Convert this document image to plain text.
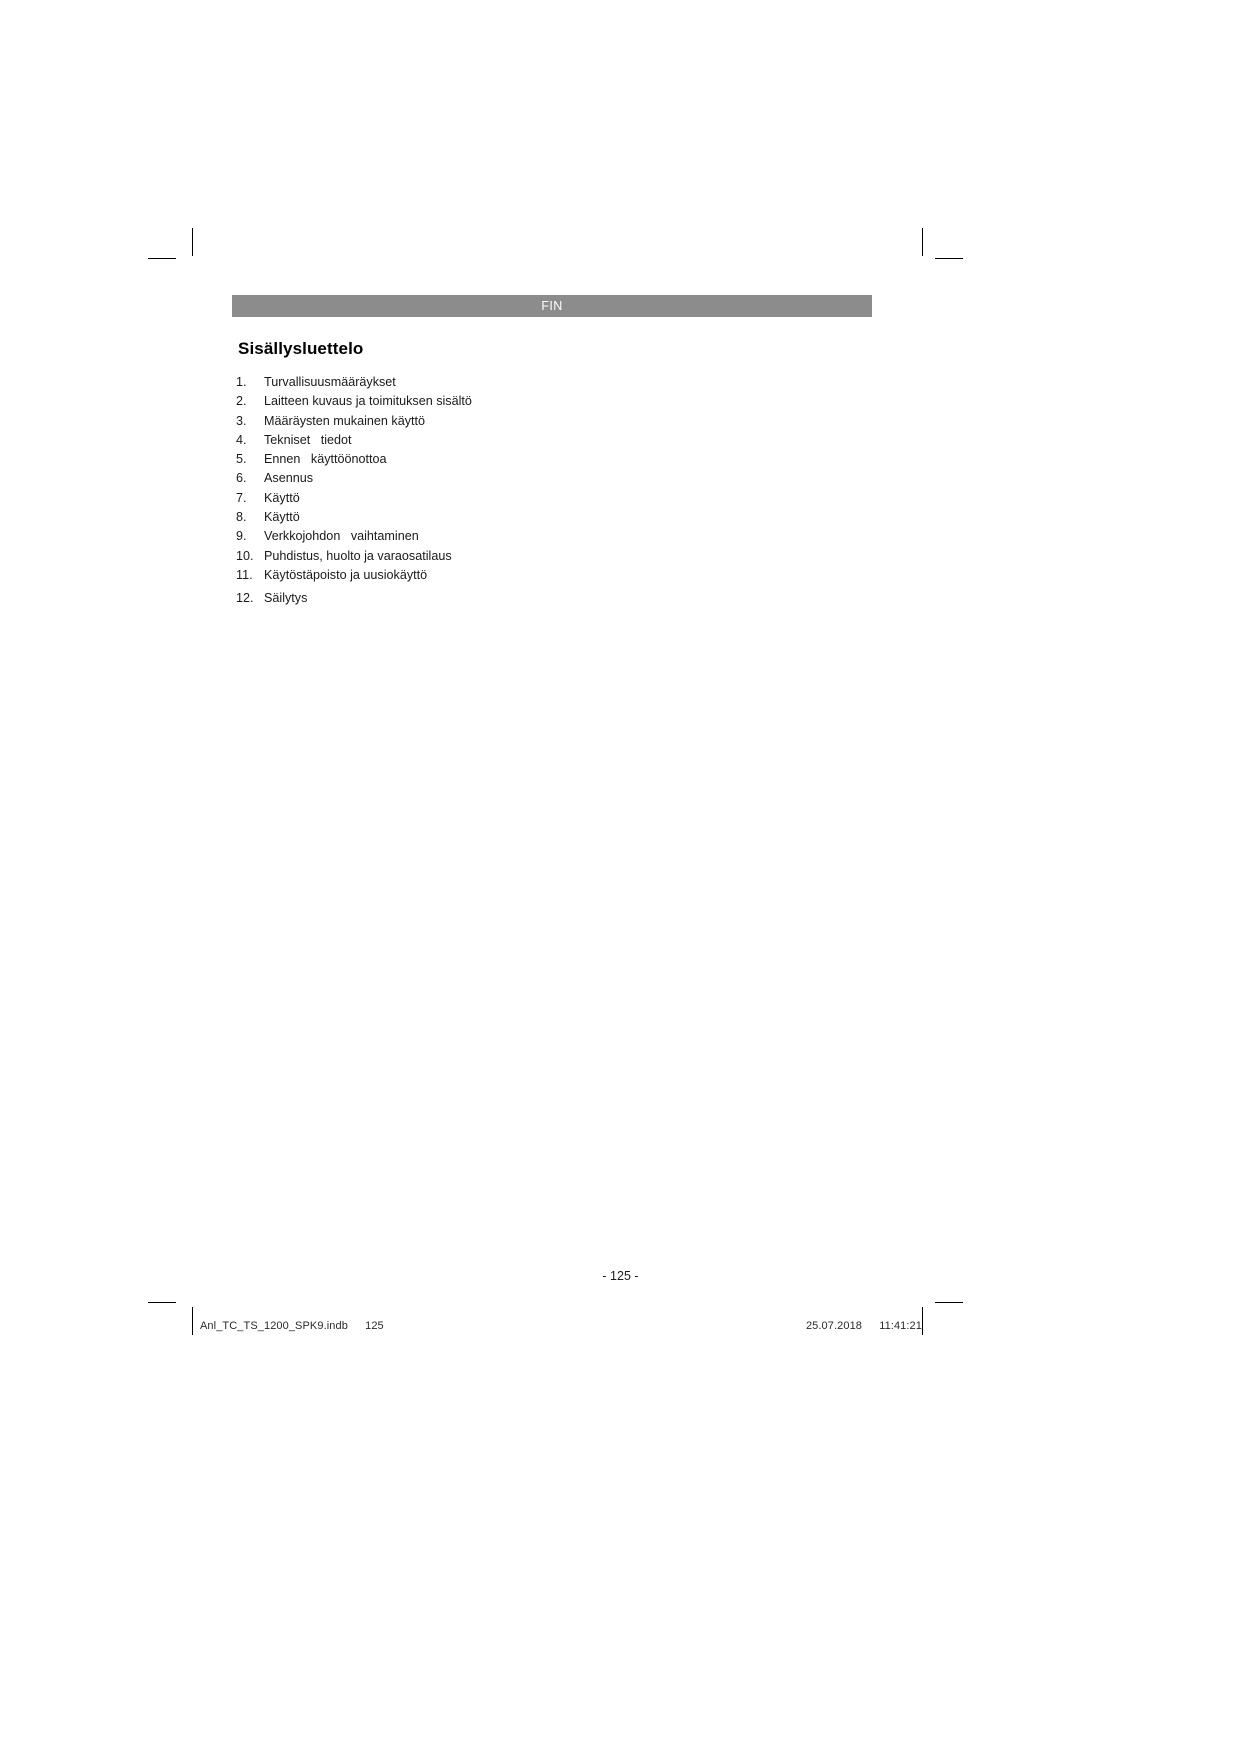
FIN
Sisällysluettelo
1.	Turvallisuusmääräykset
2.	Laitteen kuvaus ja toimituksen sisältö
3.	Määräysten mukainen käyttö
4.	Tekniset   tiedot
5.	Ennen   käyttöönottoa
6.	Asennus
7.	Käyttö
8.	Käyttö
9.	Verkkojohdon   vaihtaminen
10. Puhdistus, huolto ja varaosatilaus
11. Käytöstäpoisto ja uusiokäyttö
12. Säilytys
- 125 -
Anl_TC_TS_1200_SPK9.indb 125	25.07.2018 11:41:21
